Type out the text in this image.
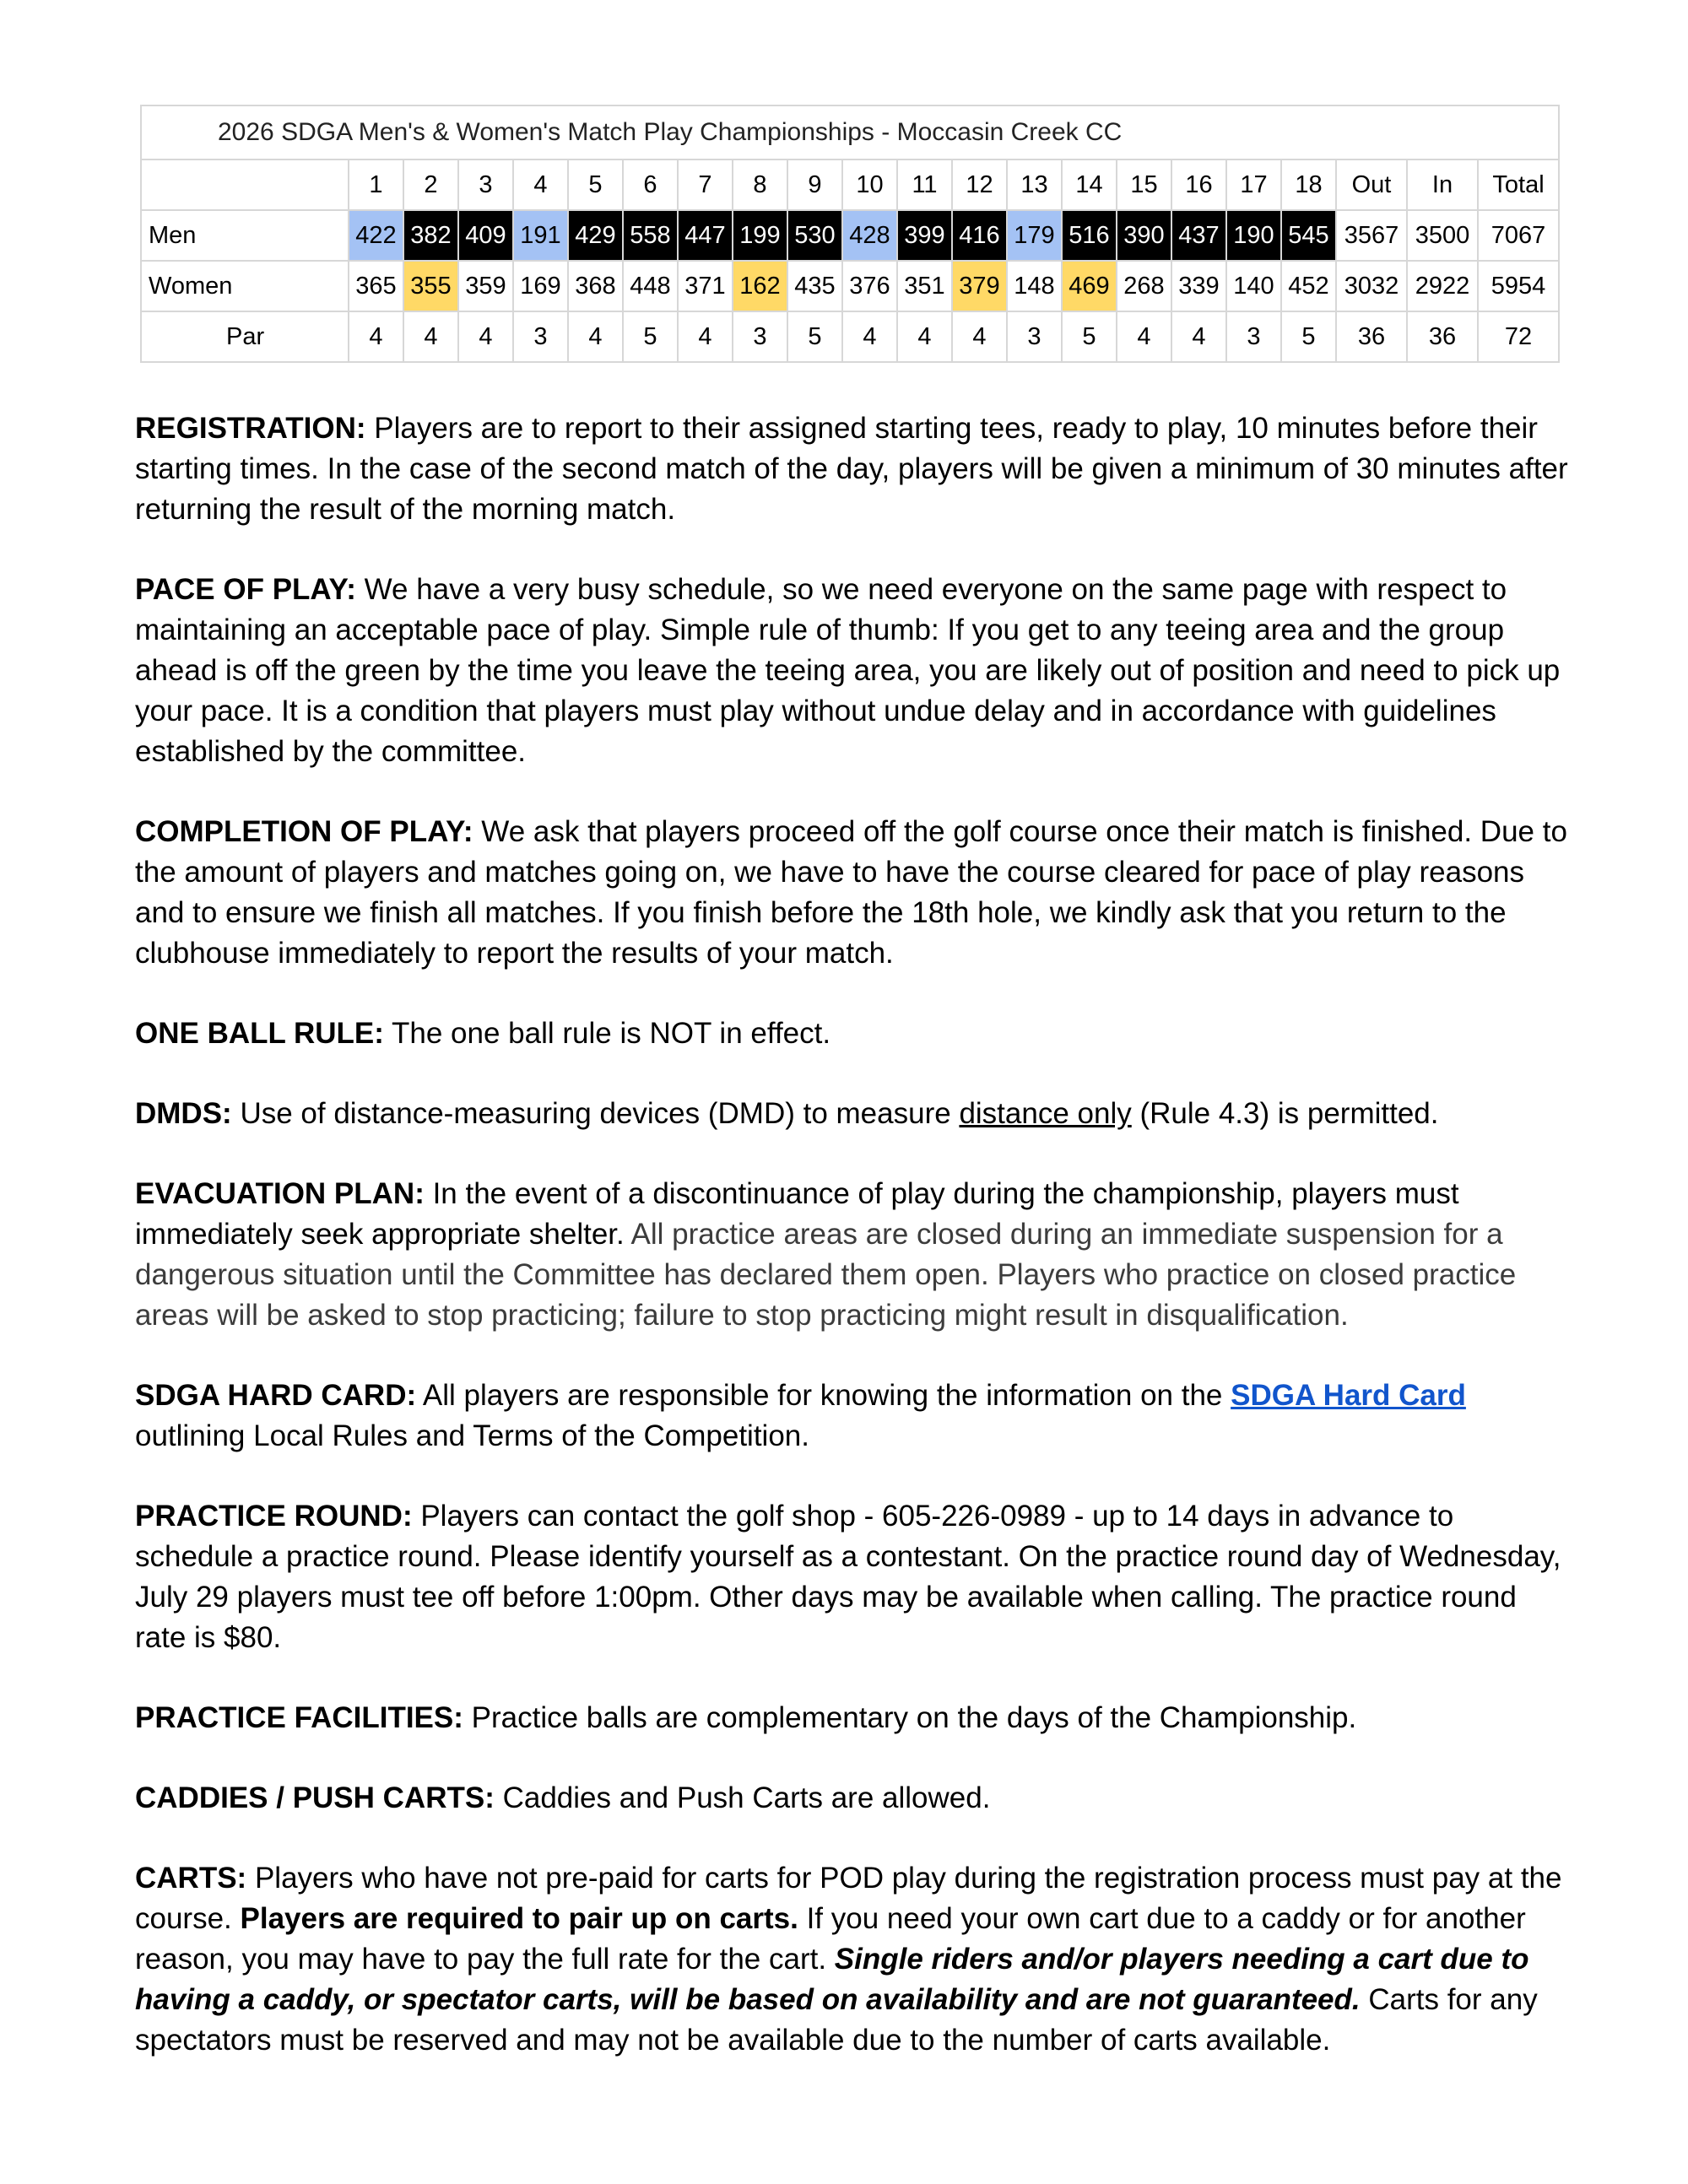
2026 SDGA Men's & Women's Match Play Championships - Moccasin Creek CC																					
	1	2	3	4	5	6	7	8	9	10	11	12	13	14	15	16	17	18	Out	In	Total
Men	422	382	409	191	429	558	447	199	530	428	399	416	179	516	390	437	190	545	3567	3500	7067
Women	365	355	359	169	368	448	371	162	435	376	351	379	148	469	268	339	140	452	3032	2922	5954
Par	4	4	4	3	4	5	4	3	5	4	4	4	3	5	4	4	3	5	36	36	72

REGISTRATION: Players are to report to their assigned starting tees, ready to play, 10 minutes before their starting times. In the case of the second match of the day, players will be given a minimum of 30 minutes after returning the result of the morning match.

PACE OF PLAY: We have a very busy schedule, so we need everyone on the same page with respect to maintaining an acceptable pace of play. Simple rule of thumb: If you get to any teeing area and the group ahead is off the green by the time you leave the teeing area, you are likely out of position and need to pick up your pace. It is a condition that players must play without undue delay and in accordance with guidelines established by the committee.

COMPLETION OF PLAY: We ask that players proceed off the golf course once their match is finished. Due to the amount of players and matches going on, we have to have the course cleared for pace of play reasons and to ensure we finish all matches. If you finish before the 18th hole, we kindly ask that you return to the clubhouse immediately to report the results of your match.

ONE BALL RULE: The one ball rule is NOT in effect.

DMDS: Use of distance-measuring devices (DMD) to measure distance only (Rule 4.3) is permitted.

EVACUATION PLAN: In the event of a discontinuance of play during the championship, players must immediately seek appropriate shelter. All practice areas are closed during an immediate suspension for a dangerous situation until the Committee has declared them open. Players who practice on closed practice areas will be asked to stop practicing; failure to stop practicing might result in disqualification.

SDGA HARD CARD: All players are responsible for knowing the information on the SDGA Hard Card outlining Local Rules and Terms of the Competition.

PRACTICE ROUND: Players can contact the golf shop - 605-226-0989 - up to 14 days in advance to schedule a practice round. Please identify yourself as a contestant. On the practice round day of Wednesday, July 29 players must tee off before 1:00pm. Other days may be available when calling. The practice round rate is $80.

PRACTICE FACILITIES: Practice balls are complementary on the days of the Championship.

CADDIES / PUSH CARTS: Caddies and Push Carts are allowed.

CARTS: Players who have not pre-paid for carts for POD play during the registration process must pay at the course. Players are required to pair up on carts. If you need your own cart due to a caddy or for another reason, you may have to pay the full rate for the cart. Single riders and/or players needing a cart due to having a caddy, or spectator carts, will be based on availability and are not guaranteed. Carts for any spectators must be reserved and may not be available due to the number of carts available.
